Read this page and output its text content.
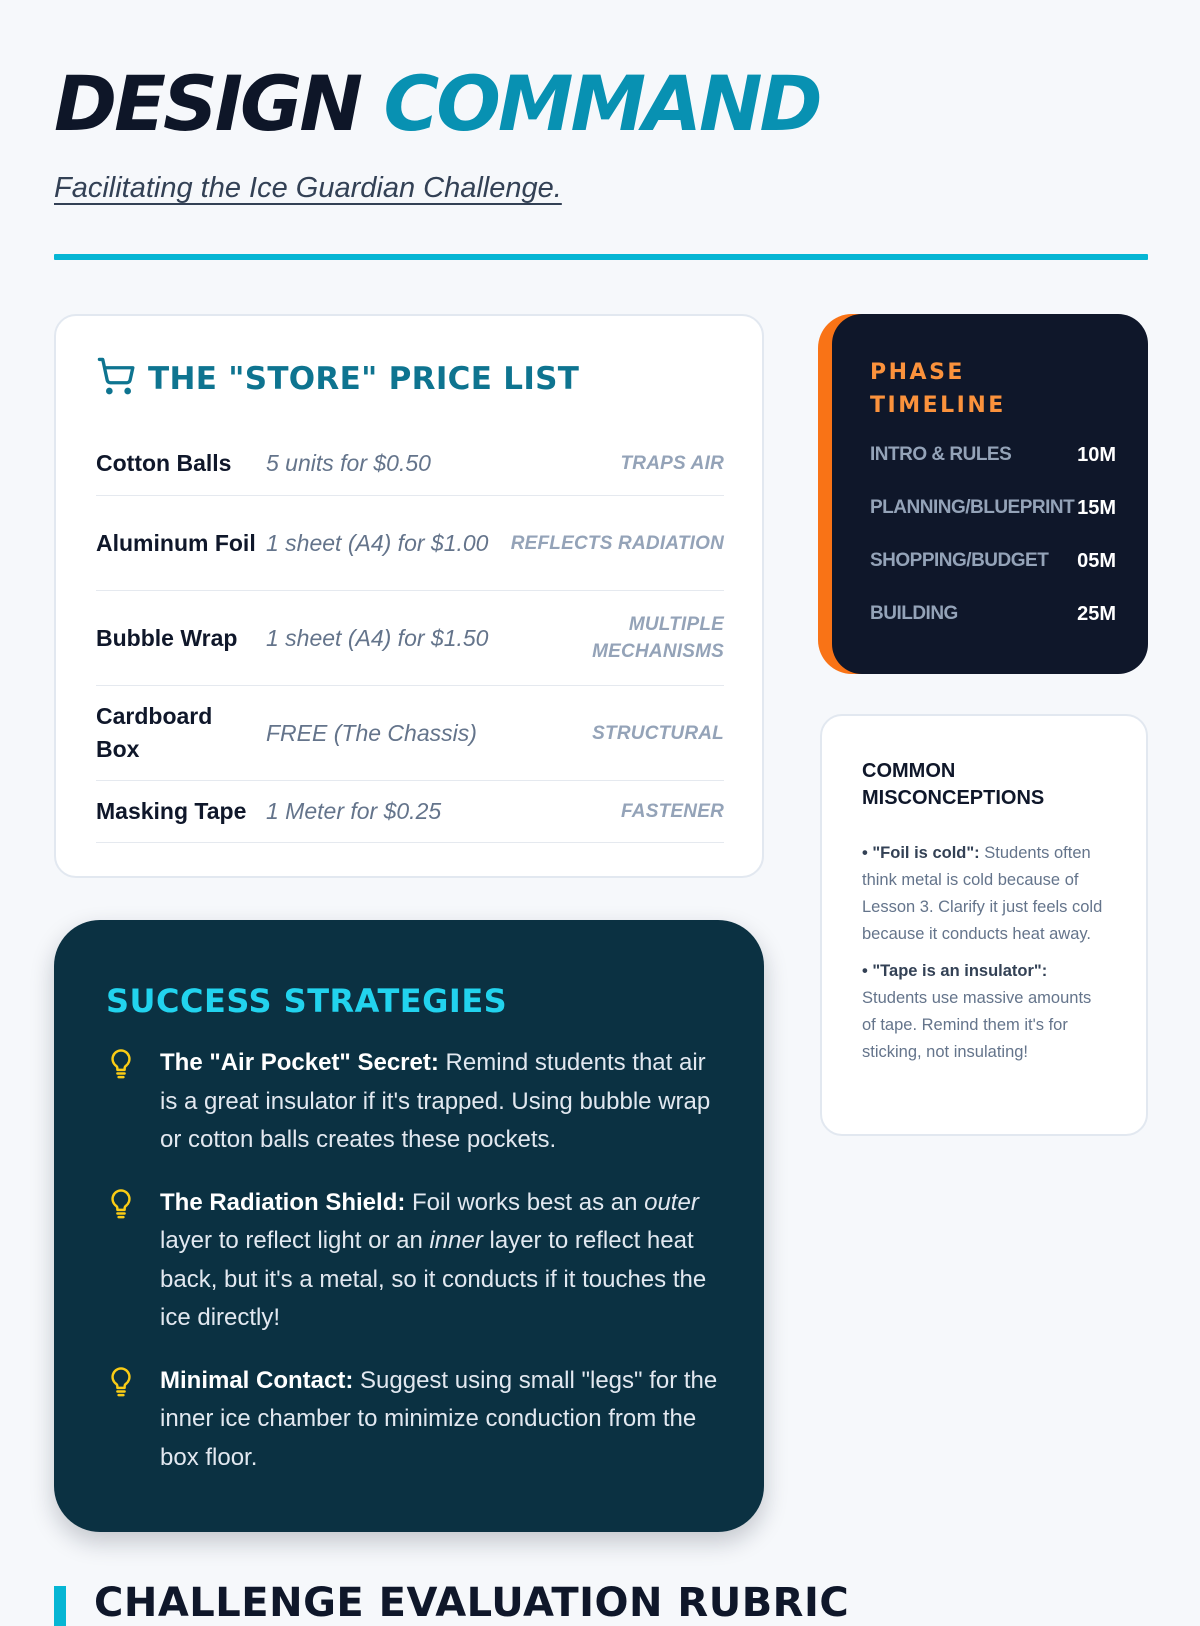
DESIGN COMMAND
Facilitating the Ice Guardian Challenge.
THE "STORE" PRICE LIST
Cotton Balls	5 units for $0.50	TRAPS AIR
Aluminum Foil 1 sheet (A4) for $1.00	REFLECTS RADIATION
Bubble Wrap	1 sheet (A4) for $1.50	MULTIPLE MECHANISMS
Cardboard Box
FREE (The Chassis)	STRUCTURAL
Masking Tape 1 Meter for $0.25	FASTENER
SUCCESS STRATEGIES

The "Air Pocket" Secret: Remind students that air is a great insulator if it's trapped. Using bubble wrap or cotton balls creates these pockets.

The Radiation Shield: Foil works best as an outer layer to reflect light or an inner layer to reflect heat back, but it's a metal, so it conducts if it touches the ice directly!

Minimal Contact: Suggest using small "legs" for the inner ice chamber to minimize conduction from the box floor.

PHASE TIMELINE
INTRO & RULES	10M
PLANNING/BLUEPRINT 15M
SHOPPING/BUDGET 05M
BUILDING	25M
COMMON MISCONCEPTIONS

• "Foil is cold": Students often think metal is cold because of Lesson 3. Clarify it just feels cold because it conducts heat away.

• "Tape is an insulator": Students use massive amounts of tape. Remind them it's for sticking, not insulating!

CHALLENGE EVALUATION RUBRIC
